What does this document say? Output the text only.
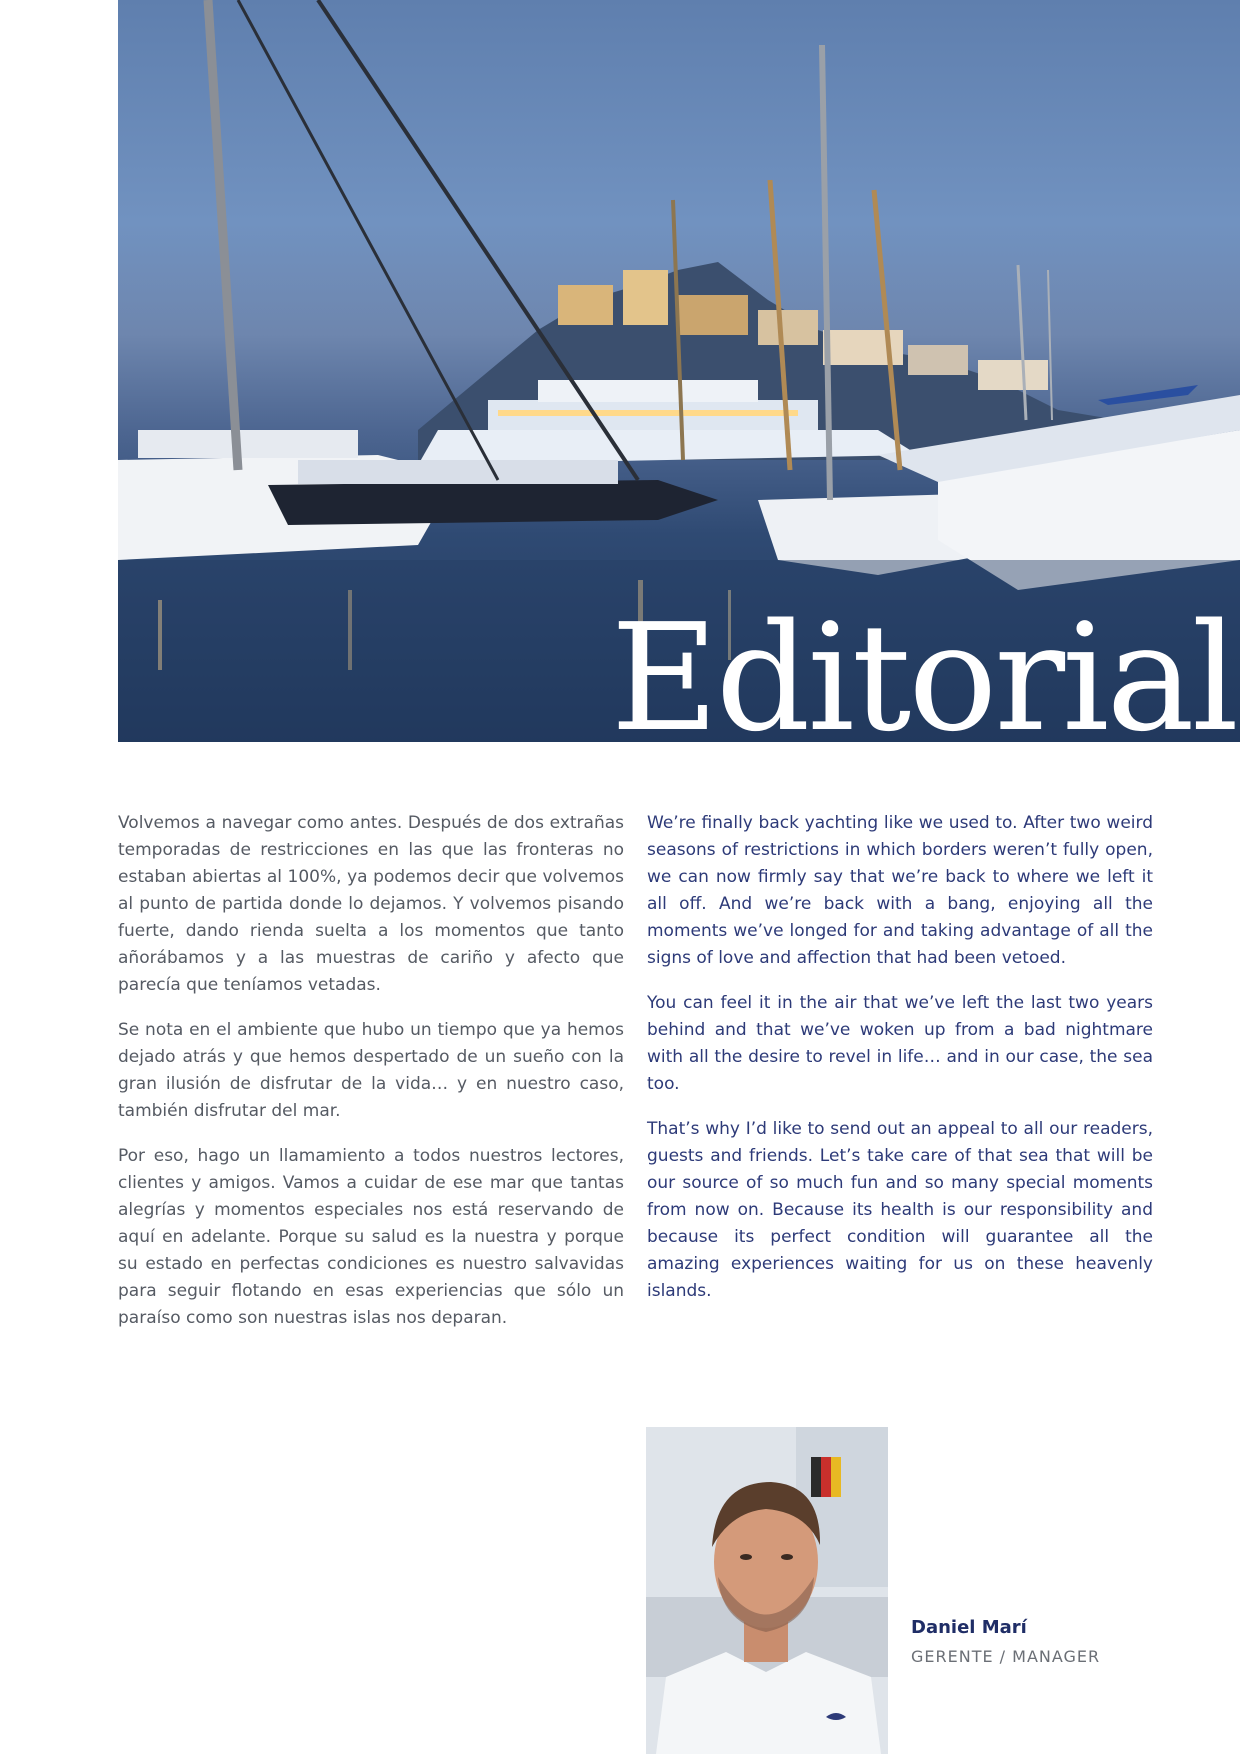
Editorial

Volvemos a navegar como antes. Después de dos extrañas temporadas de restricciones en las que las fronteras no estaban abiertas al 100%, ya podemos decir que volvemos al punto de partida donde lo dejamos. Y volvemos pisando fuerte, dando rienda suelta a los momentos que tanto añorábamos y a las muestras de cariño y afecto que parecía que teníamos vetadas.

Se nota en el ambiente que hubo un tiempo que ya hemos dejado atrás y que hemos despertado de un sueño con la gran ilusión de disfrutar de la vida… y en nuestro caso, también disfrutar del mar.

Por eso, hago un llamamiento a todos nuestros lectores, clientes y amigos. Vamos a cuidar de ese mar que tantas alegrías y momentos especiales nos está reservando de aquí en adelante. Porque su salud es la nuestra y porque su estado en perfectas condiciones es nuestro salvavidas para seguir flotando en esas experiencias que sólo un paraíso como son nuestras islas nos deparan.

We’re finally back yachting like we used to. After two weird seasons of restrictions in which borders weren’t fully open, we can now firmly say that we’re back to where we left it all off. And we’re back with a bang, enjoying all the moments we’ve longed for and taking advantage of all the signs of love and affection that had been vetoed.

You can feel it in the air that we’ve left the last two years behind and that we’ve woken up from a bad nightmare with all the desire to revel in life… and in our case, the sea too.

That’s why I’d like to send out an appeal to all our readers, guests and friends. Let’s take care of that sea that will be our source of so much fun and so many special moments from now on. Because its health is our responsibility and because its perfect condition will guarantee all the amazing experiences waiting for us on these heavenly islands.

Daniel Marí
GERENTE / MANAGER
